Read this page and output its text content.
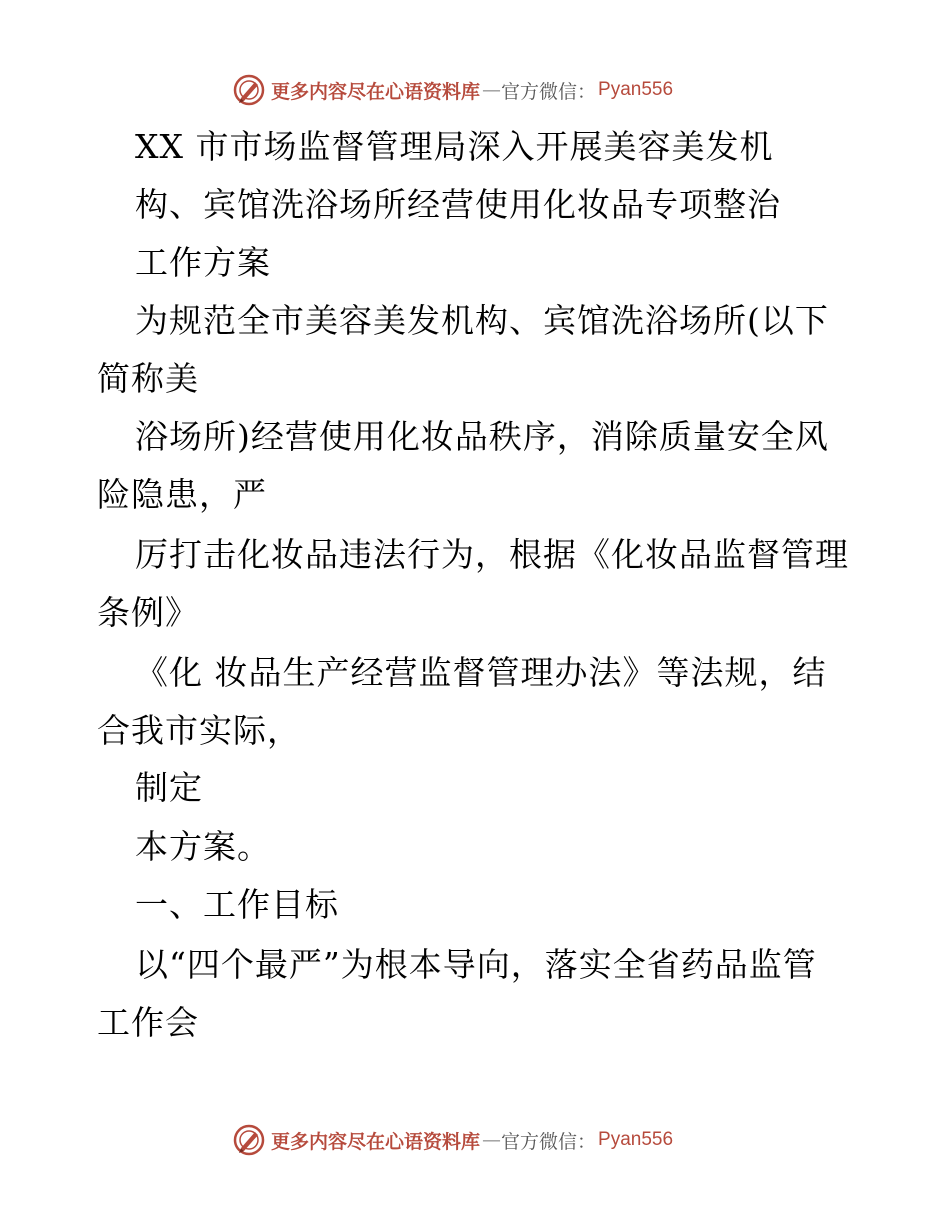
更多内容尽在心语资料库 — 官方微信： Pyan556
XX 市市场监督管理局深入开展美容美发机
构、宾馆洗浴场所经营使用化妆品专项整治
工作方案
为规范全市美容美发机构、宾馆洗浴场所(以下
简称美
浴场所)经营使用化妆品秩序，消除质量安全风
险隐患，严
厉打击化妆品违法行为，根据《化妆品监督管理
条例》
《化 妆品生产经营监督管理办法》等法规，结
合我市实际，
制定
本方案。
一、工作目标
以“四个最严”为根本导向，落实全省药品监管
工作会
更多内容尽在心语资料库 — 官方微信： Pyan556
